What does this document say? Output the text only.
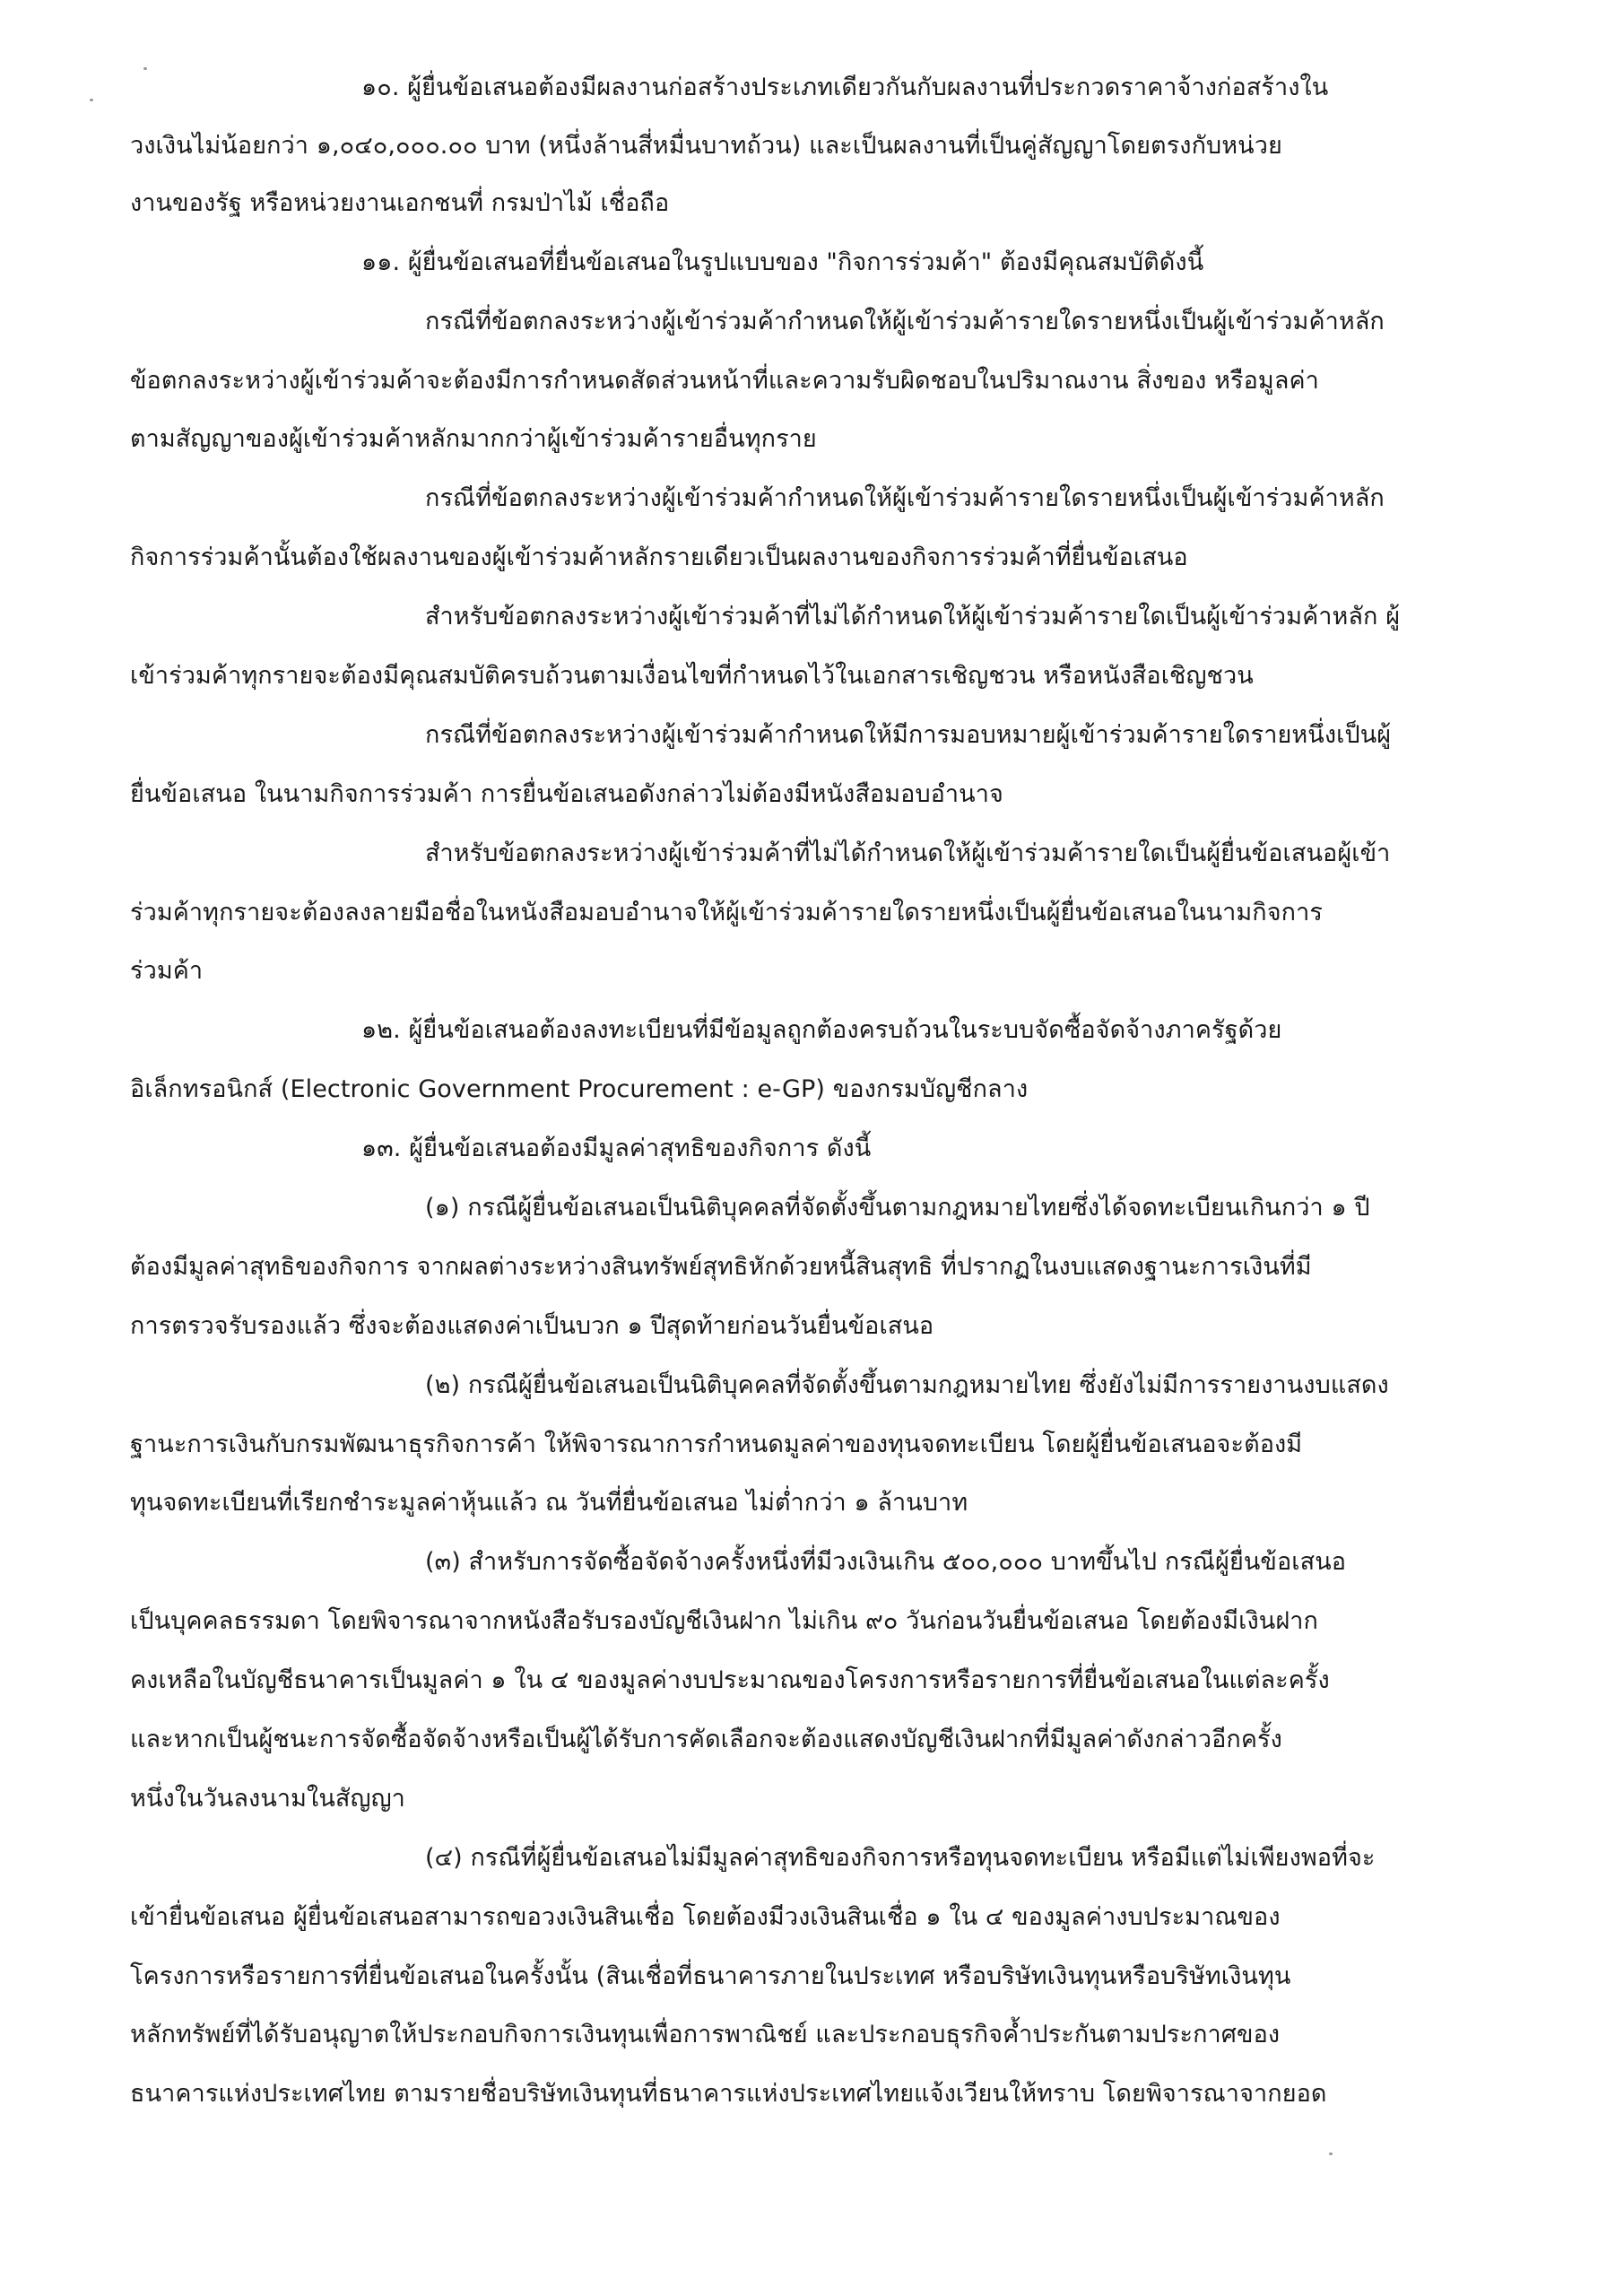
๑๐. ผู้ยื่นข้อเสนอต้องมีผลงานก่อสร้างประเภทเดียวกันกับผลงานที่ประกวดราคาจ้างก่อสร้างใน
วงเงินไม่น้อยกว่า ๑,๐๔๐,๐๐๐.๐๐ บาท (หนึ่งล้านสี่หมื่นบาทถ้วน) และเป็นผลงานที่เป็นคู่สัญญาโดยตรงกับหน่วย
งานของรัฐ หรือหน่วยงานเอกชนที่ กรมป่าไม้ เชื่อถือ
๑๑. ผู้ยื่นข้อเสนอที่ยื่นข้อเสนอในรูปแบบของ "กิจการร่วมค้า" ต้องมีคุณสมบัติดังนี้
กรณีที่ข้อตกลงระหว่างผู้เข้าร่วมค้ากำหนดให้ผู้เข้าร่วมค้ารายใดรายหนึ่งเป็นผู้เข้าร่วมค้าหลัก
ข้อตกลงระหว่างผู้เข้าร่วมค้าจะต้องมีการกำหนดสัดส่วนหน้าที่และความรับผิดชอบในปริมาณงาน สิ่งของ หรือมูลค่า
ตามสัญญาของผู้เข้าร่วมค้าหลักมากกว่าผู้เข้าร่วมค้ารายอื่นทุกราย
กรณีที่ข้อตกลงระหว่างผู้เข้าร่วมค้ากำหนดให้ผู้เข้าร่วมค้ารายใดรายหนึ่งเป็นผู้เข้าร่วมค้าหลัก
กิจการร่วมค้านั้นต้องใช้ผลงานของผู้เข้าร่วมค้าหลักรายเดียวเป็นผลงานของกิจการร่วมค้าที่ยื่นข้อเสนอ
สำหรับข้อตกลงระหว่างผู้เข้าร่วมค้าที่ไม่ได้กำหนดให้ผู้เข้าร่วมค้ารายใดเป็นผู้เข้าร่วมค้าหลัก ผู้
เข้าร่วมค้าทุกรายจะต้องมีคุณสมบัติครบถ้วนตามเงื่อนไขที่กำหนดไว้ในเอกสารเชิญชวน หรือหนังสือเชิญชวน
กรณีที่ข้อตกลงระหว่างผู้เข้าร่วมค้ากำหนดให้มีการมอบหมายผู้เข้าร่วมค้ารายใดรายหนึ่งเป็นผู้
ยื่นข้อเสนอ ในนามกิจการร่วมค้า การยื่นข้อเสนอดังกล่าวไม่ต้องมีหนังสือมอบอำนาจ
สำหรับข้อตกลงระหว่างผู้เข้าร่วมค้าที่ไม่ได้กำหนดให้ผู้เข้าร่วมค้ารายใดเป็นผู้ยื่นข้อเสนอผู้เข้า
ร่วมค้าทุกรายจะต้องลงลายมือชื่อในหนังสือมอบอำนาจให้ผู้เข้าร่วมค้ารายใดรายหนึ่งเป็นผู้ยื่นข้อเสนอในนามกิจการ
ร่วมค้า
๑๒. ผู้ยื่นข้อเสนอต้องลงทะเบียนที่มีข้อมูลถูกต้องครบถ้วนในระบบจัดซื้อจัดจ้างภาครัฐด้วย
อิเล็กทรอนิกส์ (Electronic Government Procurement : e-GP) ของกรมบัญชีกลาง
๑๓. ผู้ยื่นข้อเสนอต้องมีมูลค่าสุทธิของกิจการ ดังนี้
(๑) กรณีผู้ยื่นข้อเสนอเป็นนิติบุคคลที่จัดตั้งขึ้นตามกฎหมายไทยซึ่งได้จดทะเบียนเกินกว่า ๑ ปี
ต้องมีมูลค่าสุทธิของกิจการ จากผลต่างระหว่างสินทรัพย์สุทธิหักด้วยหนี้สินสุทธิ ที่ปรากฏในงบแสดงฐานะการเงินที่มี
การตรวจรับรองแล้ว ซึ่งจะต้องแสดงค่าเป็นบวก ๑ ปีสุดท้ายก่อนวันยื่นข้อเสนอ
(๒) กรณีผู้ยื่นข้อเสนอเป็นนิติบุคคลที่จัดตั้งขึ้นตามกฎหมายไทย ซึ่งยังไม่มีการรายงานงบแสดง
ฐานะการเงินกับกรมพัฒนาธุรกิจการค้า ให้พิจารณาการกำหนดมูลค่าของทุนจดทะเบียน โดยผู้ยื่นข้อเสนอจะต้องมี
ทุนจดทะเบียนที่เรียกชำระมูลค่าหุ้นแล้ว ณ วันที่ยื่นข้อเสนอ ไม่ต่ำกว่า ๑ ล้านบาท
(๓) สำหรับการจัดซื้อจัดจ้างครั้งหนึ่งที่มีวงเงินเกิน ๕๐๐,๐๐๐ บาทขึ้นไป กรณีผู้ยื่นข้อเสนอ
เป็นบุคคลธรรมดา โดยพิจารณาจากหนังสือรับรองบัญชีเงินฝาก ไม่เกิน ๙๐ วันก่อนวันยื่นข้อเสนอ โดยต้องมีเงินฝาก
คงเหลือในบัญชีธนาคารเป็นมูลค่า ๑ ใน ๔ ของมูลค่างบประมาณของโครงการหรือรายการที่ยื่นข้อเสนอในแต่ละครั้ง
และหากเป็นผู้ชนะการจัดซื้อจัดจ้างหรือเป็นผู้ได้รับการคัดเลือกจะต้องแสดงบัญชีเงินฝากที่มีมูลค่าดังกล่าวอีกครั้ง
หนึ่งในวันลงนามในสัญญา
(๔) กรณีที่ผู้ยื่นข้อเสนอไม่มีมูลค่าสุทธิของกิจการหรือทุนจดทะเบียน หรือมีแต่ไม่เพียงพอที่จะ
เข้ายื่นข้อเสนอ ผู้ยื่นข้อเสนอสามารถขอวงเงินสินเชื่อ โดยต้องมีวงเงินสินเชื่อ ๑ ใน ๔ ของมูลค่างบประมาณของ
โครงการหรือรายการที่ยื่นข้อเสนอในครั้งนั้น (สินเชื่อที่ธนาคารภายในประเทศ หรือบริษัทเงินทุนหรือบริษัทเงินทุน
หลักทรัพย์ที่ได้รับอนุญาตให้ประกอบกิจการเงินทุนเพื่อการพาณิชย์ และประกอบธุรกิจค้ำประกันตามประกาศของ
ธนาคารแห่งประเทศไทย ตามรายชื่อบริษัทเงินทุนที่ธนาคารแห่งประเทศไทยแจ้งเวียนให้ทราบ โดยพิจารณาจากยอด
